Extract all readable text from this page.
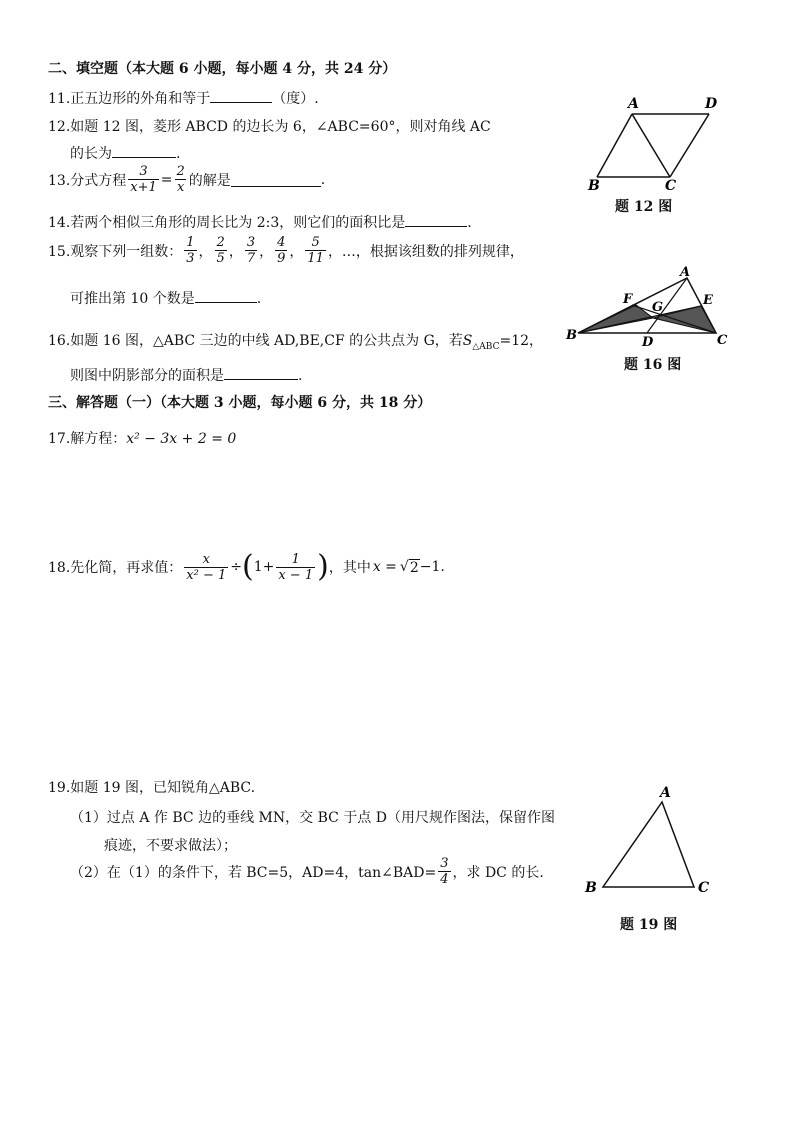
二、填空题（本大题 6 小题，每小题 4 分，共 24 分）
11.正五边形的外角和等于	（度）.
12.如题 12 图，菱形 ABCD 的边长为 6，∠ABC=60°，则对角线 AC
的长为	.
13.分式方程 $\frac{3}{x+1} = \frac{2}{x}$ 的解是	.
14.若两个相似三角形的周长比为 2:3，则它们的面积比是	.
15.观察下列一组数： $\frac{1}{3}$ ， $\frac{2}{5}$ ， $\frac{3}{7}$ ， $\frac{4}{9}$ ， $\frac{5}{11}$ ，…，根据该组数的排列规律，
可推出第 10 个数是	.
16.如题 16 图，△ABC 三边的中线 AD,BE,CF 的公共点为 G，若$S_{\triangle ABC}=12$，
则图中阴影部分的面积是	.
三、解答题（一）（本大题 3 小题，每小题 6 分，共 18 分）
17.解方程：x² − 3x + 2 = 0
18.先化简，再求值： $\frac{x}{\text{x² − 1}}$ ÷ ( $1+ \frac{1}{x - 1}$ ) ，其中 x = √ 2 −1.
19.如题 19 图，已知锐角△ABC.
（1）过点 A 作 BC 边的垂线 MN，交 BC 于点 D（用尺规作图法，保留作图
痕迹，不要求做法）；
（2）在（1）的条件下，若 BC=5，AD=4，tan∠BAD= $\frac{3}{4}$ ，求 DC 的长.
A	D
B	C
题 12 图
A
B	C
D
E
F
G
题 16 图
A
B	C
题 19 图
